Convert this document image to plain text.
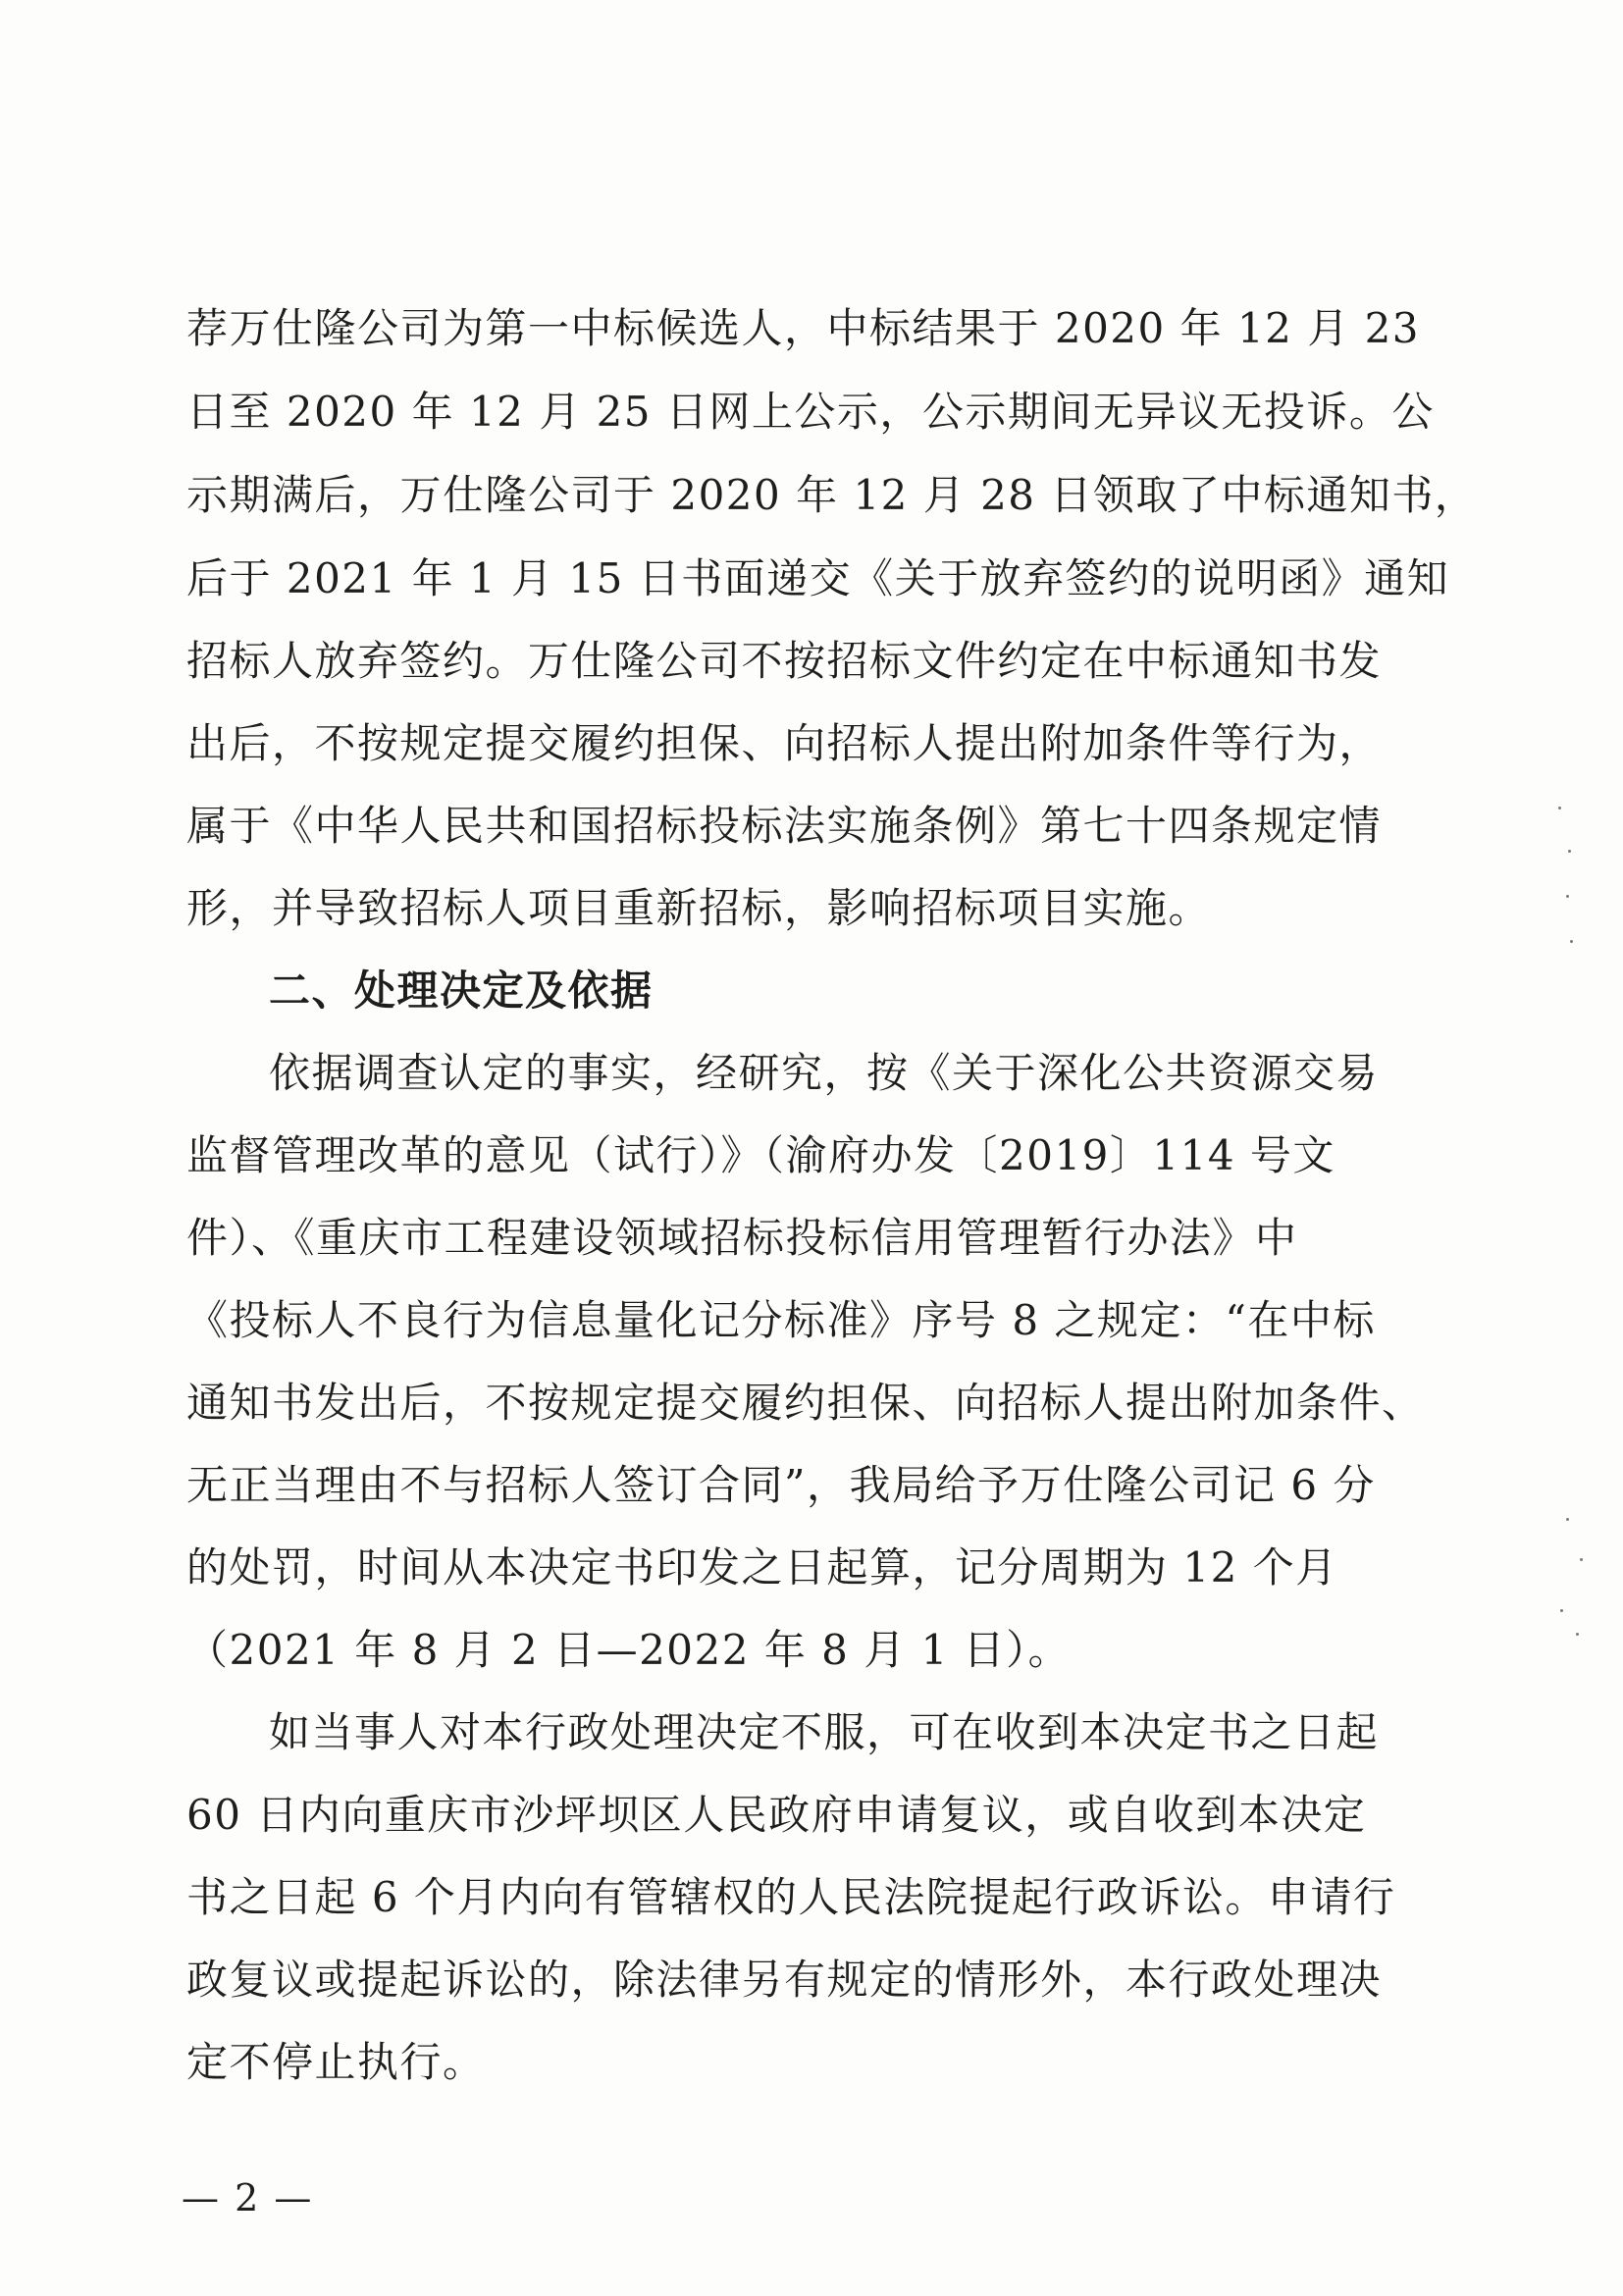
荐万仕隆公司为第一中标候选人，中标结果于 2020 年 12 月 23
日至 2020 年 12 月 25 日网上公示，公示期间无异议无投诉。公
示期满后，万仕隆公司于 2020 年 12 月 28 日领取了中标通知书，
后于 2021 年 1 月 15 日书面递交《关于放弃签约的说明函》通知
招标人放弃签约。万仕隆公司不按招标文件约定在中标通知书发
出后，不按规定提交履约担保、向招标人提出附加条件等行为，
属于《中华人民共和国招标投标法实施条例》第七十四条规定情
形，并导致招标人项目重新招标，影响招标项目实施。
二、处理决定及依据
依据调查认定的事实，经研究，按《关于深化公共资源交易
监督管理改革的意见（试行）》（渝府办发〔2019〕114 号文
件）、《重庆市工程建设领域招标投标信用管理暂行办法》中
《投标人不良行为信息量化记分标准》序号 8 之规定：“在中标
通知书发出后，不按规定提交履约担保、向招标人提出附加条件、
无正当理由不与招标人签订合同”，我局给予万仕隆公司记 6 分
的处罚，时间从本决定书印发之日起算，记分周期为 12 个月
（2021 年 8 月 2 日—2022 年 8 月 1 日）。
如当事人对本行政处理决定不服，可在收到本决定书之日起
60 日内向重庆市沙坪坝区人民政府申请复议，或自收到本决定
书之日起 6 个月内向有管辖权的人民法院提起行政诉讼。申请行
政复议或提起诉讼的，除法律另有规定的情形外，本行政处理决
定不停止执行。
— 2 —
